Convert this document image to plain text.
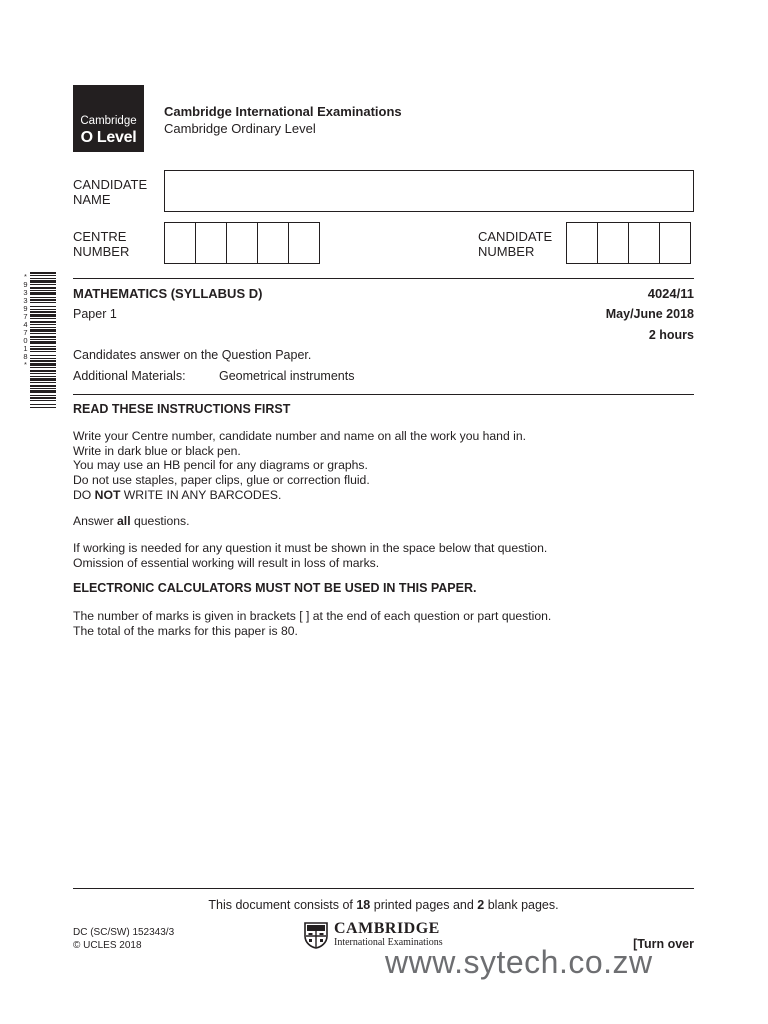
Cambridge
O Level
Cambridge International Examinations
Cambridge Ordinary Level
CANDIDATE
NAME
CENTRE
NUMBER
CANDIDATE
NUMBER
*9339747018*	MATHEMATICS (SYLLABUS D)	4024/11
Paper 1	May/June 2018
2 hours
Candidates answer on the Question Paper.
Additional Materials:	Geometrical instruments
READ THESE INSTRUCTIONS FIRST
Write your Centre number, candidate number and name on all the work you hand in.
Write in dark blue or black pen.
You may use an HB pencil for any diagrams or graphs.
Do not use staples, paper clips, glue or correction fluid.
DO NOT WRITE IN ANY BARCODES.
Answer all questions.
If working is needed for any question it must be shown in the space below that question.
Omission of essential working will result in loss of marks.
ELECTRONIC CALCULATORS MUST NOT BE USED IN THIS PAPER.
The number of marks is given in brackets [ ] at the end of each question or part question.
The total of the marks for this paper is 80.
This document consists of 18 printed pages and 2 blank pages.
DC (SC/SW) 152343/3
© UCLES 2018
CAMBRIDGE
International Examinations	[Turn over
www.sytech.co.zw
